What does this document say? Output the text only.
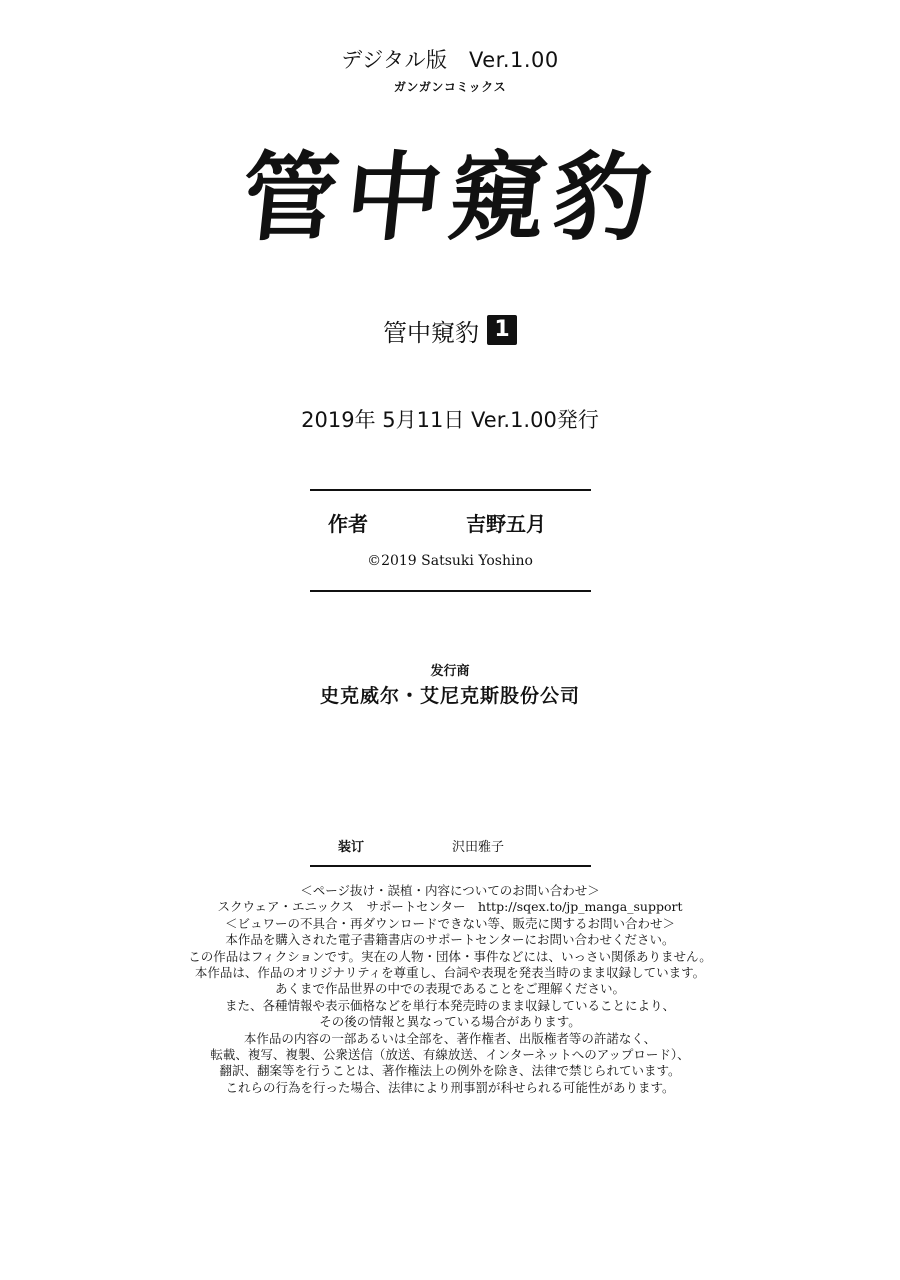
デジタル版　Ver.1.00
ガンガンコミックス
管中窺豹
管中窺豹 1
2019年 5月11日 Ver.1.00発行
作者	吉野五月
©2019 Satsuki Yoshino
发行商
史克威尔・艾尼克斯股份公司
装订	沢田雅子
＜ページ抜け・誤植・内容についてのお問い合わせ＞
スクウェア・エニックス　サポートセンター　http://sqex.to/jp_manga_support
＜ビュワーの不具合・再ダウンロードできない等、販売に関するお問い合わせ＞
本作品を購入された電子書籍書店のサポートセンターにお問い合わせください。
この作品はフィクションです。実在の人物・団体・事件などには、いっさい関係ありません。
本作品は、作品のオリジナリティを尊重し、台詞や表現を発表当時のまま収録しています。
あくまで作品世界の中での表現であることをご理解ください。
また、各種情報や表示価格などを単行本発売時のまま収録していることにより、
その後の情報と異なっている場合があります。
本作品の内容の一部あるいは全部を、著作権者、出版権者等の許諾なく、
転載、複写、複製、公衆送信（放送、有線放送、インターネットへのアップロード）、
翻訳、翻案等を行うことは、著作権法上の例外を除き、法律で禁じられています。
これらの行為を行った場合、法律により刑事罰が科せられる可能性があります。
